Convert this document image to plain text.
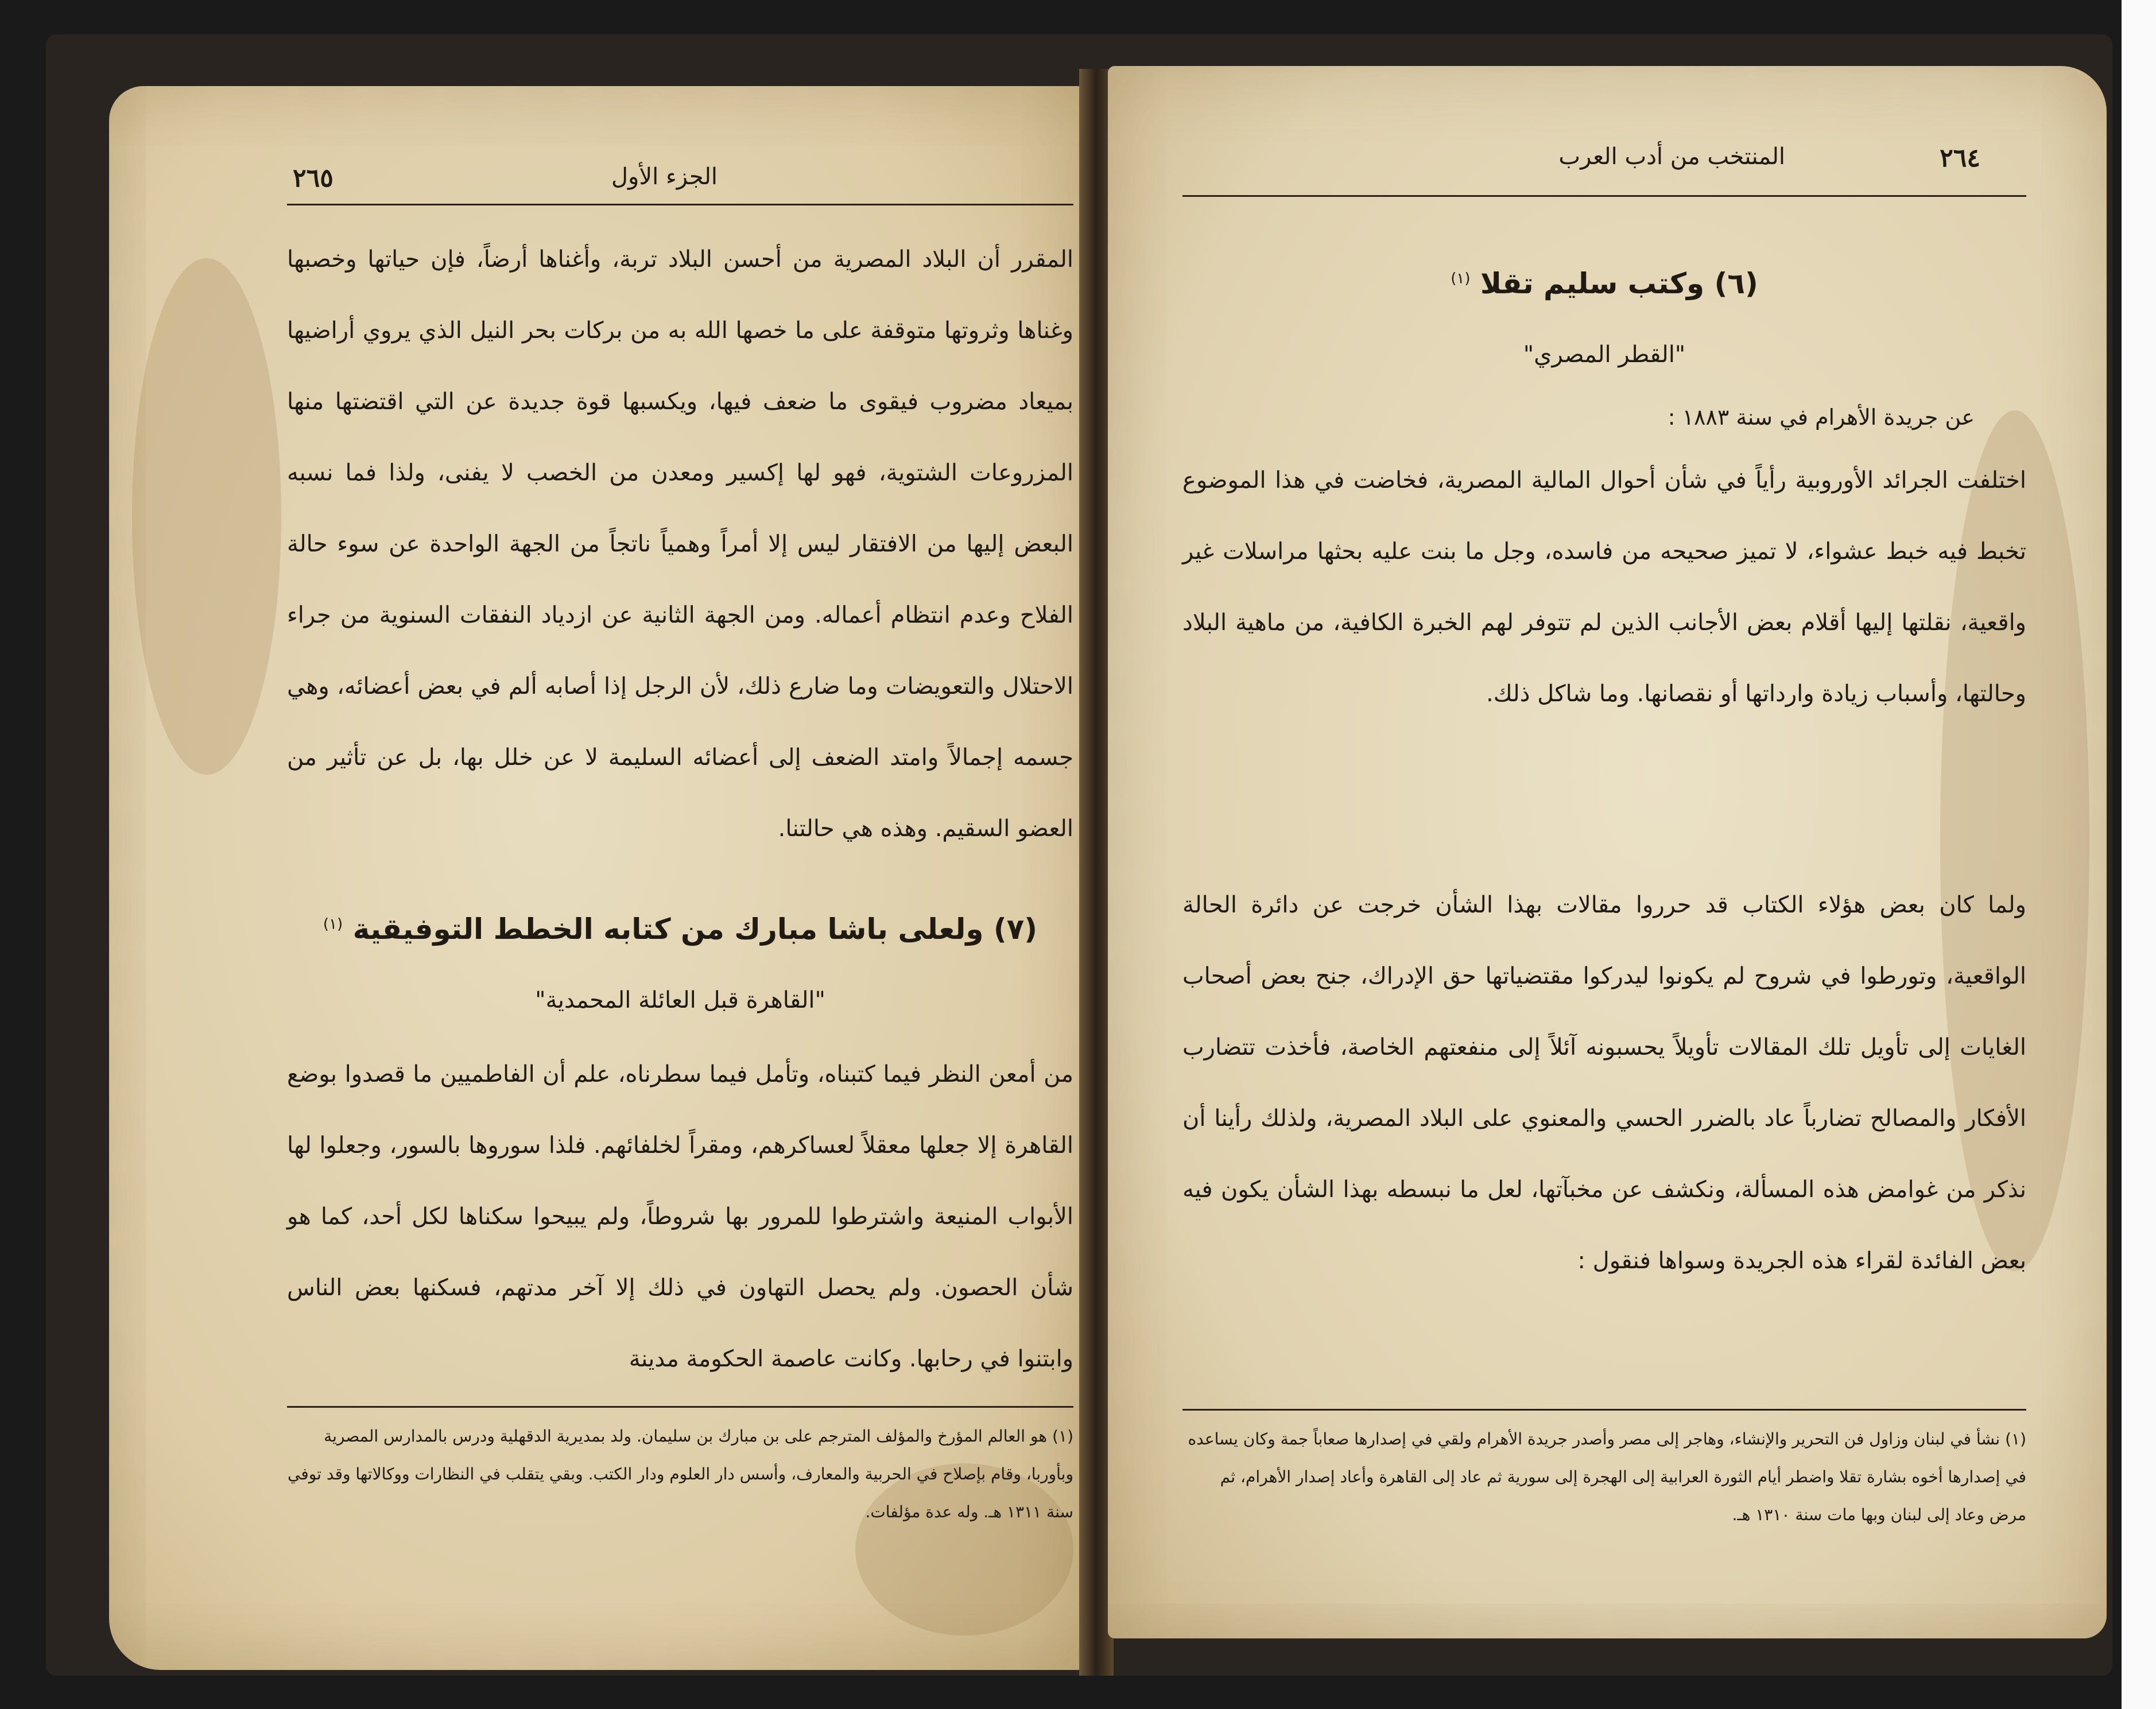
الجزء الأول
٢٦٥

المقرر أن البلاد المصرية من أحسن البلاد تربة، وأغناها أرضاً، فإن حياتها وخصبها وغناها وثروتها متوقفة على ما خصها الله به من بركات بحر النيل الذي يروي أراضيها بميعاد مضروب فيقوى ما ضعف فيها، ويكسبها قوة جديدة عن التي اقتضتها منها المزروعات الشتوية، فهو لها إكسير ومعدن من الخصب لا يفنى، ولذا فما نسبه البعض إليها من الافتقار ليس إلا أمراً وهمياً ناتجاً من الجهة الواحدة عن سوء حالة الفلاح وعدم انتظام أعماله. ومن الجهة الثانية عن ازدياد النفقات السنوية من جراء الاحتلال والتعويضات وما ضارع ذلك، لأن الرجل إذا أصابه ألم في بعض أعضائه، وهي جسمه إجمالاً وامتد الضعف إلى أعضائه السليمة لا عن خلل بها، بل عن تأثير من العضو السقيم. وهذه هي حالتنا.

(٧) ولعلى باشا مبارك من كتابه الخطط التوفيقية $^{(١)}$
"القاهرة قبل العائلة المحمدية"

من أمعن النظر فيما كتبناه، وتأمل فيما سطرناه، علم أن الفاطميين ما قصدوا بوضع القاهرة إلا جعلها معقلاً لعساكرهم، ومقراً لخلفائهم. فلذا سوروها بالسور، وجعلوا لها الأبواب المنيعة واشترطوا للمرور بها شروطاً، ولم يبيحوا سكناها لكل أحد، كما هو شأن الحصون. ولم يحصل التهاون في ذلك إلا آخر مدتهم، فسكنها بعض الناس وابتنوا في رحابها. وكانت عاصمة الحكومة مدينة

(١) هو العالم المؤرخ والمؤلف المترجم على بن مبارك بن سليمان. ولد بمديرية الدقهلية ودرس بالمدارس المصرية وبأوربا، وقام بإصلاح في الحربية والمعارف، وأسس دار العلوم ودار الكتب. وبقي يتقلب في النظارات ووكالاتها وقد توفي سنة ١٣١١ هـ. وله عدة مؤلفات.

٢٦٤
المنتخب من أدب العرب
(٦) وكتب سليم تقلا $^{(١)}$
"القطر المصري"
عن جريدة الأهرام في سنة ١٨٨٣ :

اختلفت الجرائد الأوروبية رأياً في شأن أحوال المالية المصرية، فخاضت في هذا الموضوع تخبط فيه خبط عشواء، لا تميز صحيحه من فاسده، وجل ما بنت عليه بحثها مراسلات غير واقعية، نقلتها إليها أقلام بعض الأجانب الذين لم تتوفر لهم الخبرة الكافية، من ماهية البلاد وحالتها، وأسباب زيادة وارداتها أو نقصانها. وما شاكل ذلك.

ولما كان بعض هؤلاء الكتاب قد حرروا مقالات بهذا الشأن خرجت عن دائرة الحالة الواقعية، وتورطوا في شروح لم يكونوا ليدركوا مقتضياتها حق الإدراك، جنح بعض أصحاب الغايات إلى تأويل تلك المقالات تأويلاً يحسبونه آئلاً إلى منفعتهم الخاصة، فأخذت تتضارب الأفكار والمصالح تضارباً عاد بالضرر الحسي والمعنوي على البلاد المصرية، ولذلك رأينا أن نذكر من غوامض هذه المسألة، ونكشف عن مخبآتها، لعل ما نبسطه بهذا الشأن يكون فيه بعض الفائدة لقراء هذه الجريدة وسواها فنقول :

(١) نشأ في لبنان وزاول فن التحرير والإنشاء، وهاجر إلى مصر وأصدر جريدة الأهرام ولقي في إصدارها صعاباً جمة وكان يساعده في إصدارها أخوه بشارة تقلا واضطر أيام الثورة العرابية إلى الهجرة إلى سورية ثم عاد إلى القاهرة وأعاد إصدار الأهرام، ثم مرض وعاد إلى لبنان وبها مات سنة ١٣١٠ هـ.
